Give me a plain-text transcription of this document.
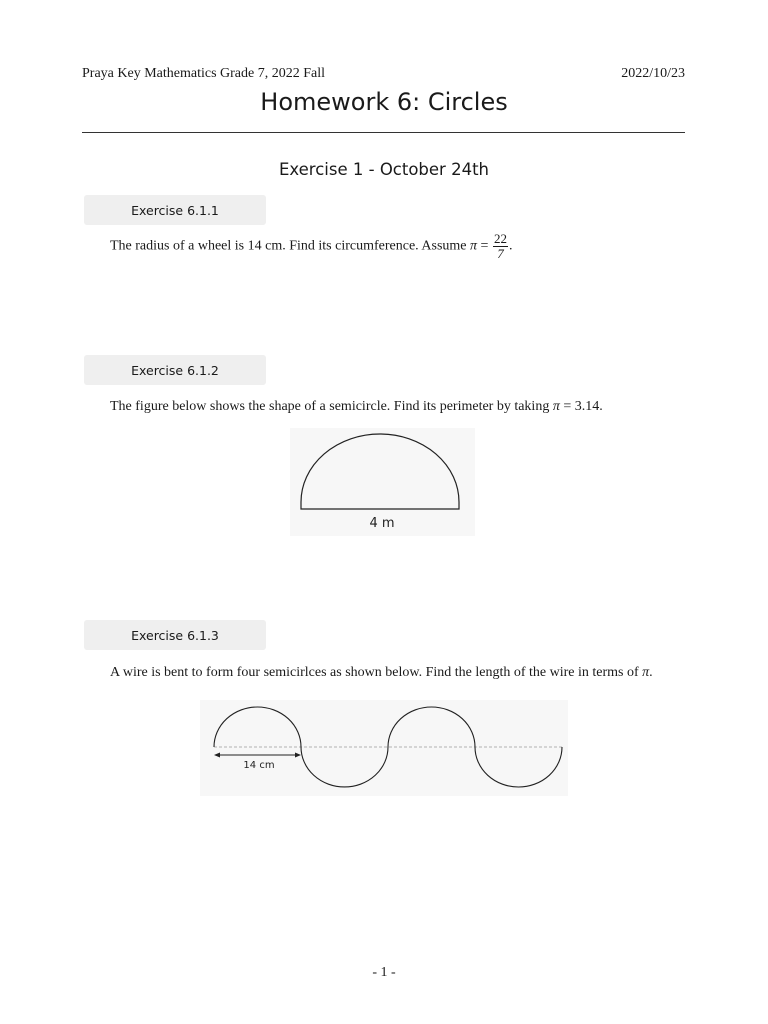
Praya Key Mathematics Grade 7, 2022 Fall	2022/10/23
Homework 6: Circles
Exercise 1 - October 24th
Exercise 6.1.1
The radius of a wheel is 14 cm. Find its circumference. Assume $\pi = \frac{22}{7}$ .
Exercise 6.1.2
The figure below shows the shape of a semicircle. Find its perimeter by taking π = 3.14.
4 m
Exercise 6.1.3
A wire is bent to form four semicirlces as shown below. Find the length of the wire in terms of π.
14 cm
- 1 -
